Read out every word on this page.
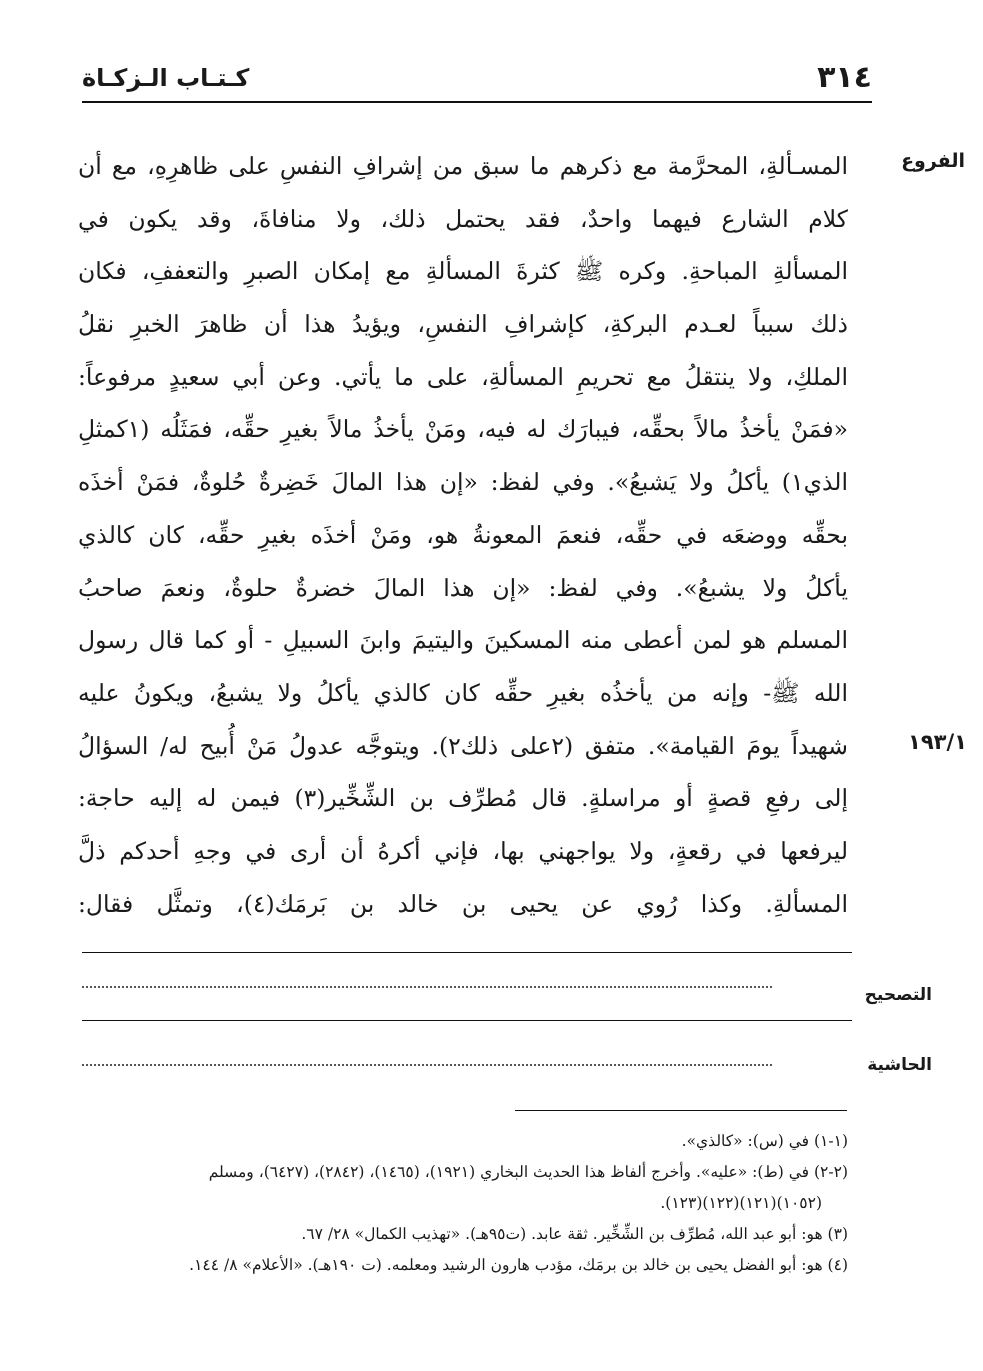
٣١٤
كـتـاب الـزكـاة
الفروع
١٩٣/١
المسـألةِ، المحرَّمة مع ذكرهم ما سبق من إشرافِ النفسِ على ظاهرِهِ، مع أن
كلام الشارع فيهما واحدٌ، فقد يحتمل ذلك، ولا منافاةَ، وقد يكون في
المسألةِ المباحةِ. وكره ﷺ كثرةَ المسألةِ مع إمكان الصبرِ والتعففِ، فكان
ذلك سبباً لعـدم البركةِ، كإشرافِ النفسِ، ويؤيدُ هذا أن ظاهرَ الخبرِ نقلُ
الملكِ، ولا ينتقلُ مع تحريمِ المسألةِ، على ما يأتي. وعن أبي سعيدٍ مرفوعاً:
«فمَنْ يأخذُ مالاً بحقِّه، فيبارَك له فيه، ومَنْ يأخذُ مالاً بغيرِ حقِّه، فمَثَلُه (١كمثلِ
الذي١) يأكلُ ولا يَشبعُ». وفي لفظ: «إن هذا المالَ خَضِرةٌ حُلوةٌ، فمَنْ أخذَه
بحقِّه ووضعَه في حقِّه، فنعمَ المعونةُ هو، ومَنْ أخذَه بغيرِ حقِّه، كان كالذي
يأكلُ ولا يشبعُ». وفي لفظ: «إن هذا المالَ خضرةٌ حلوةٌ، ونعمَ صاحبُ
المسلم هو لمن أعطى منه المسكينَ واليتيمَ وابنَ السبيلِ - أو كما قال رسول
الله ﷺ- وإنه من يأخذُه بغيرِ حقِّه كان كالذي يأكلُ ولا يشبعُ، ويكونُ عليه
شهيداً يومَ القيامة». متفق (٢على ذلك٢). ويتوجَّه عدولُ مَنْ أُبيح له/ السؤالُ
إلى رفعِ قصةٍ أو مراسلةٍ. قال مُطرِّف بن الشِّخِّير(٣) فيمن له إليه حاجة:
ليرفعها في رقعةٍ، ولا يواجهني بها، فإني أكرهُ أن أرى في وجهِ أحدكم ذلَّ
المسألةِ. وكذا رُوي عن يحيى بن خالد بن بَرمَك(٤)، وتمثَّل فقال:
التصحيح
الحاشية
(١-١) في (س): «كالذي».
(٢-٢) في (ط): «عليه». وأخرج ألفاظ هذا الحديث البخاري (١٩٢١)، (١٤٦٥)، (٢٨٤٢)، (٦٤٢٧)، ومسلم
(١٠٥٢)(١٢١)(١٢٢)(١٢٣).
(٣) هو: أبو عبد الله، مُطرِّف بن الشِّخِّير. ثقة عابد. (ت٩٥هـ). «تهذيب الكمال» ٢٨/ ٦٧.
(٤) هو: أبو الفضل يحيى بن خالد بن برمَك، مؤدب هارون الرشيد ومعلمه. (ت ١٩٠هـ). «الأعلام» ٨/ ١٤٤.
